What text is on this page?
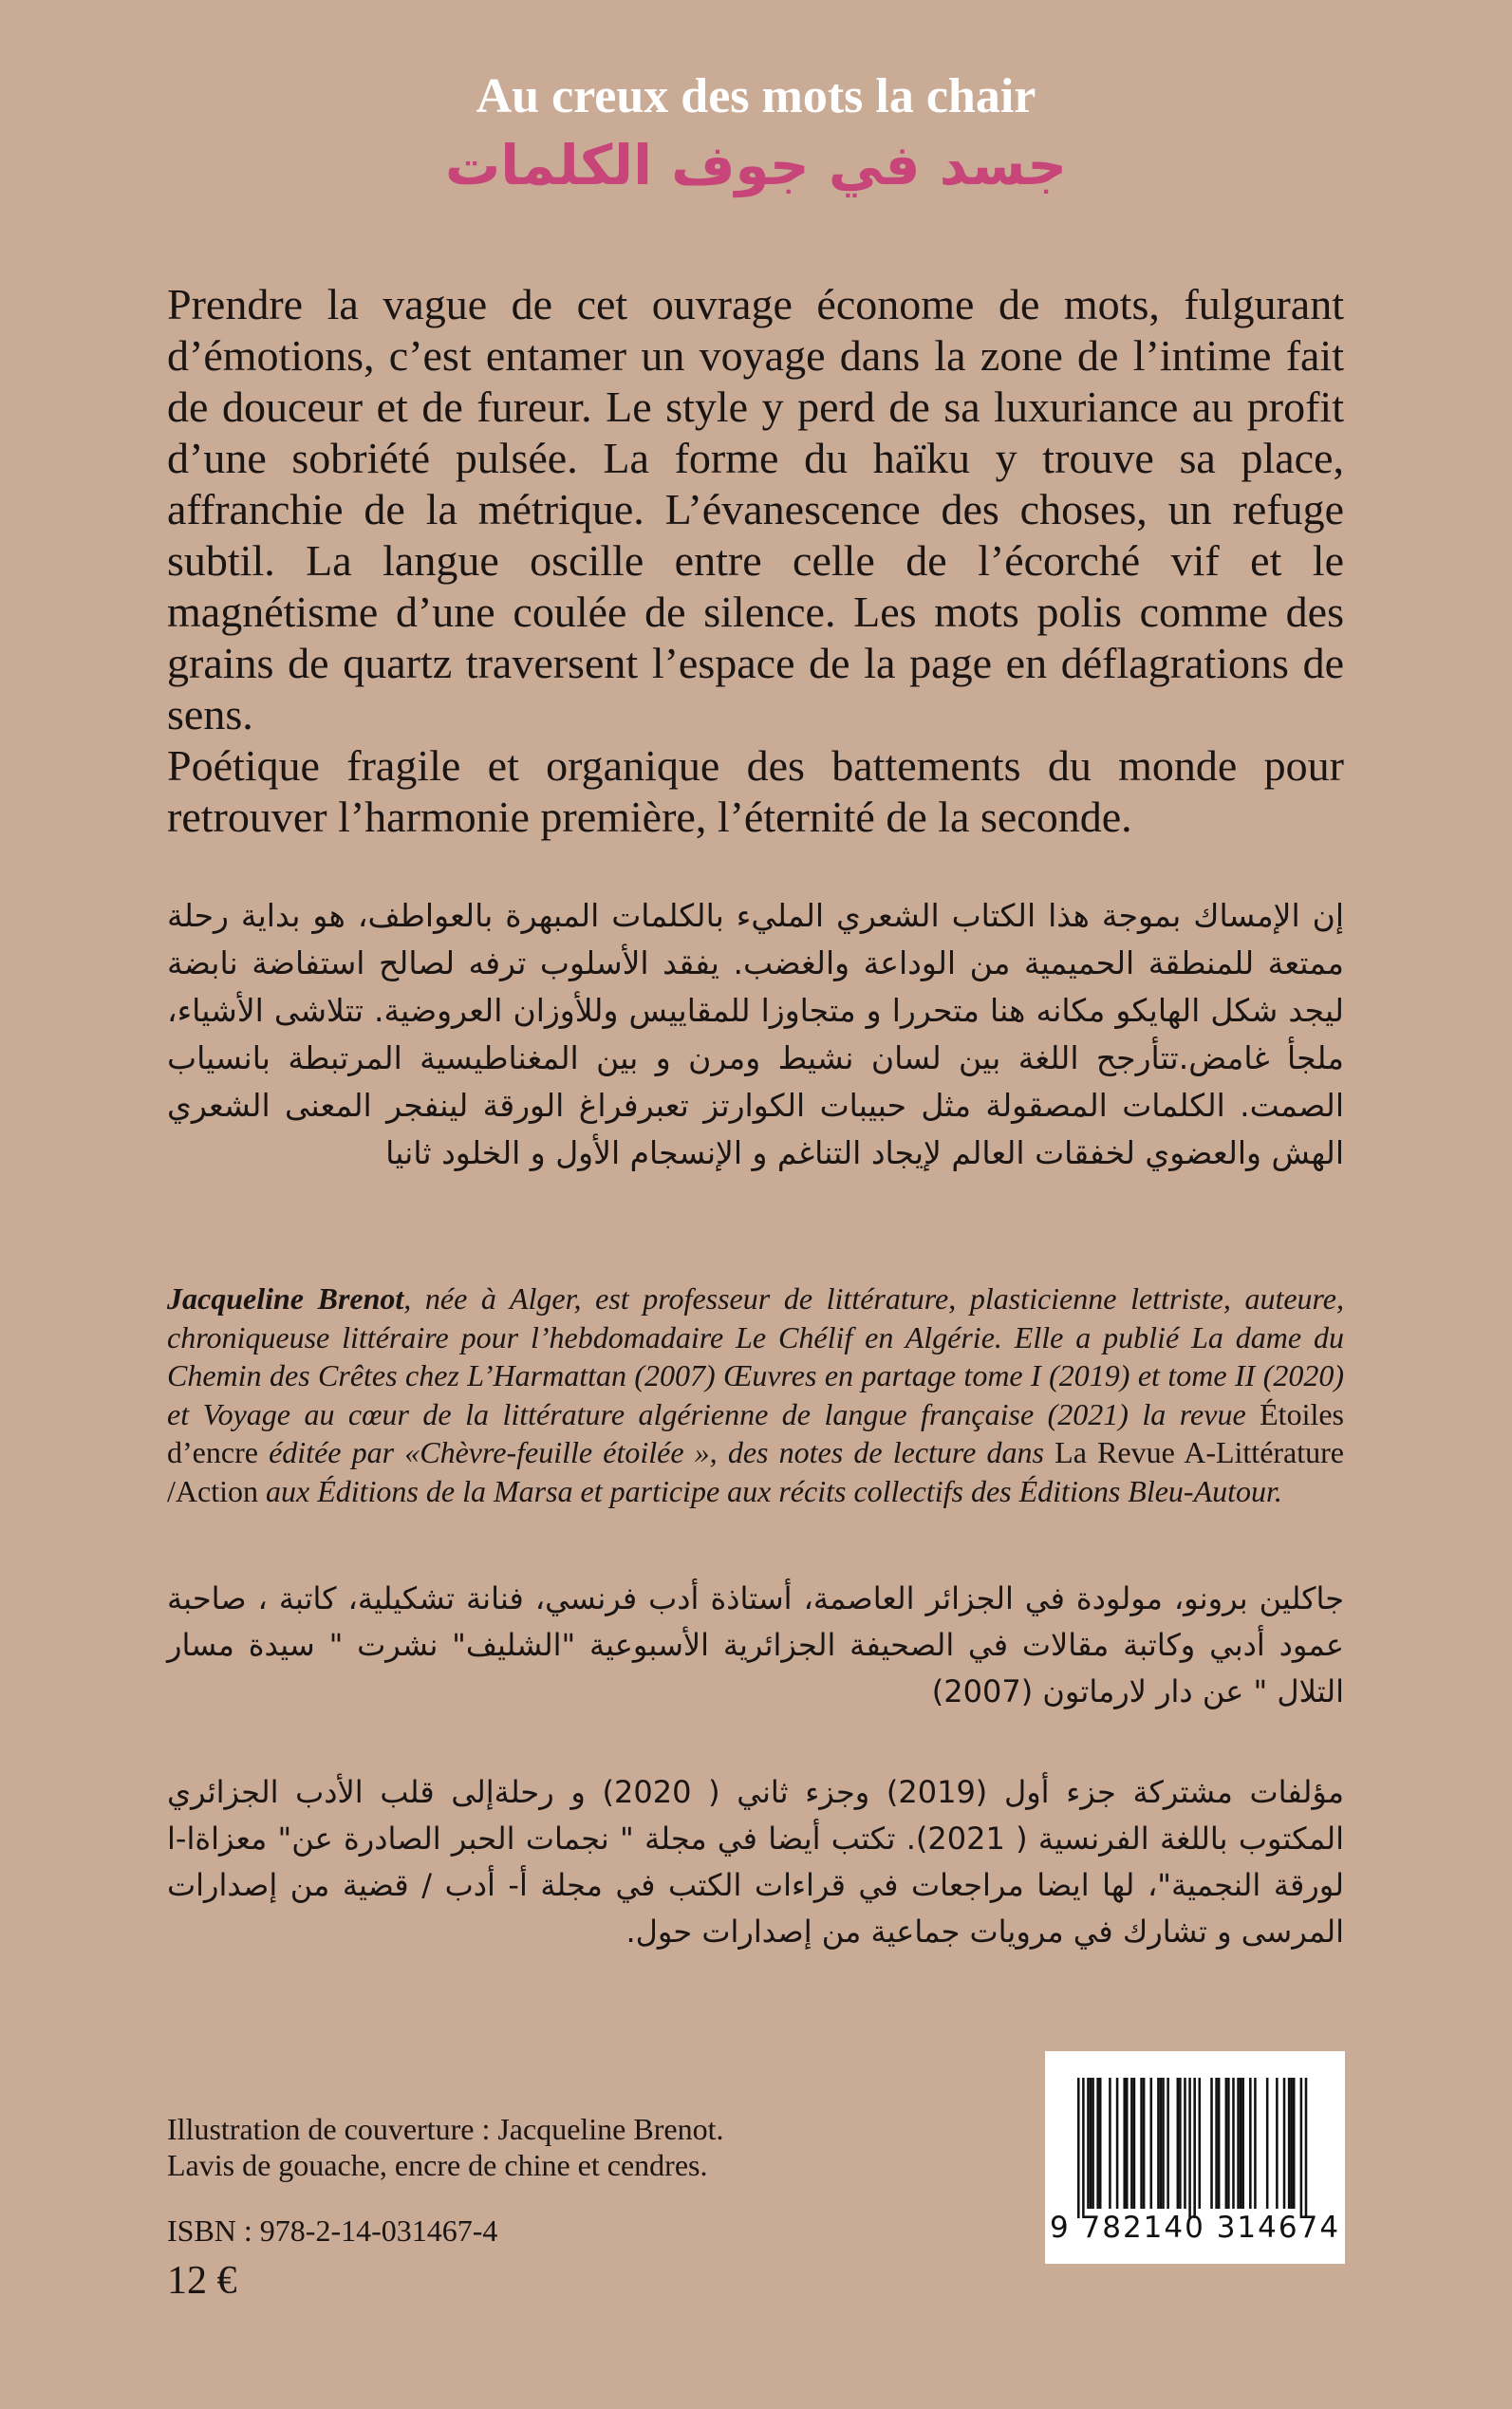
Au creux des mots la chair
جسد في جوف الكلمات
Prendre la vague de cet ouvrage économe de mots, fulgurant d’émotions, c’est entamer un voyage dans la zone de l’intime fait de douceur et de fureur. Le style y perd de sa luxuriance au profit d’une sobriété pulsée. La forme du haïku y trouve sa place, affranchie de la métrique. L’évanescence des choses, un refuge subtil. La langue oscille entre celle de l’écorché vif et le magnétisme d’une coulée de silence. Les mots polis comme des grains de quartz traversent l’espace de la page en déflagrations de sens.
Poétique fragile et organique des battements du monde pour retrouver l’harmonie première, l’éternité de la seconde.
إن الإمساك بموجة هذا الكتاب الشعري المليء بالكلمات المبهرة بالعواطف، هو بداية رحلة ممتعة للمنطقة الحميمية من الوداعة والغضب. يفقد الأسلوب ترفه لصالح استفاضة نابضة ليجد شكل الهايكو مكانه هنا متحررا و متجاوزا للمقاييس وللأوزان العروضية. تتلاشى الأشياء، ملجأ غامض.تتأرجح اللغة بين لسان نشيط ومرن و بين المغناطيسية المرتبطة بانسياب الصمت. الكلمات المصقولة مثل حبيبات الكوارتز تعبرفراغ الورقة لينفجر المعنى الشعري الهش والعضوي لخفقات العالم لإيجاد التناغم و الإنسجام الأول و الخلود ثانيا
Jacqueline Brenot, née à Alger, est professeur de littérature, plasticienne lettriste, auteure, chroniqueuse littéraire pour l’hebdomadaire Le Chélif en Algérie. Elle a publié La dame du Chemin des Crêtes chez L’Harmattan (2007) Œuvres en partage tome I (2019) et tome II (2020) et Voyage au cœur de la littérature algérienne de langue française (2021) la revue Étoiles d’encre éditée par «Chèvre-feuille étoilée », des notes de lecture dans La Revue A-Littérature /Action aux Éditions de la Marsa et participe aux récits collectifs des Éditions Bleu-Autour.
جاكلين برونو، مولودة في الجزائر العاصمة، أستاذة أدب فرنسي، فنانة تشكيلية، كاتبة ، صاحبة عمود أدبي وكاتبة مقالات في الصحيفة الجزائرية الأسبوعية "الشليف" نشرت " سيدة مسار التلال " عن دار لارماتون (2007)
مؤلفات مشتركة جزء أول (2019) وجزء ثاني ( 2020) و رحلةإلى قلب الأدب الجزائري المكتوب باللغة الفرنسية ( 2021). تكتب أيضا في مجلة " نجمات الحبر الصادرة عن" معزاةا-ا لورقة النجمية"، لها ايضا مراجعات في قراءات الكتب في مجلة أ- أدب / قضية من إصدارات المرسى و تشارك في مرويات جماعية من إصدارات حول.
9 782140 314674
Illustration de couverture : Jacqueline Brenot.
Lavis de gouache, encre de chine et cendres.
ISBN : 978-2-14-031467-4
12 €
